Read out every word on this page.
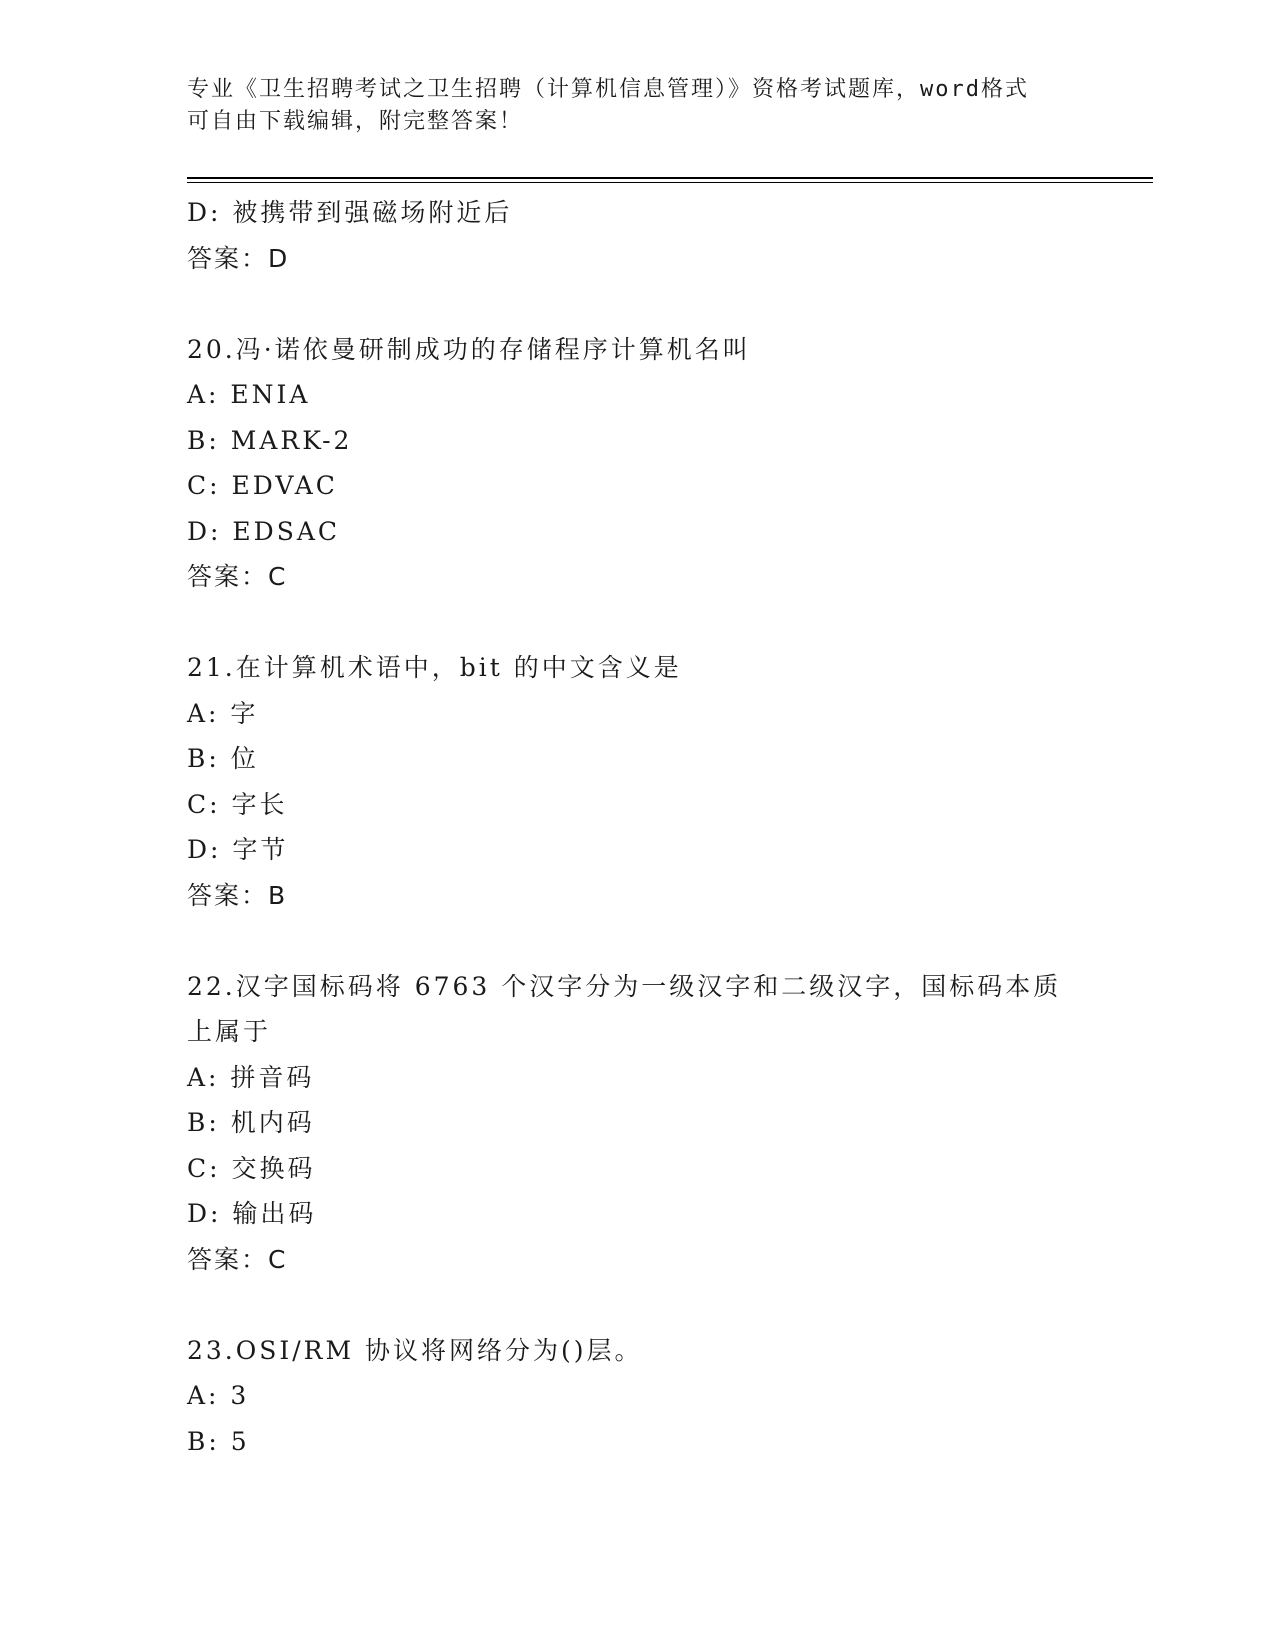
专业《卫生招聘考试之卫生招聘（计算机信息管理）》资格考试题库，word格式
可自由下载编辑，附完整答案！
D: 被携带到强磁场附近后
答案：D
20.冯·诺依曼研制成功的存储程序计算机名叫
A: ENIA
B: MARK-2
C: EDVAC
D: EDSAC
答案：C
21.在计算机术语中，bit 的中文含义是
A: 字
B: 位
C: 字长
D: 字节
答案：B
22.汉字国标码将 6763 个汉字分为一级汉字和二级汉字，国标码本质
上属于
A: 拼音码
B: 机内码
C: 交换码
D: 输出码
答案：C
23.OSI/RM 协议将网络分为()层。
A: 3
B: 5
